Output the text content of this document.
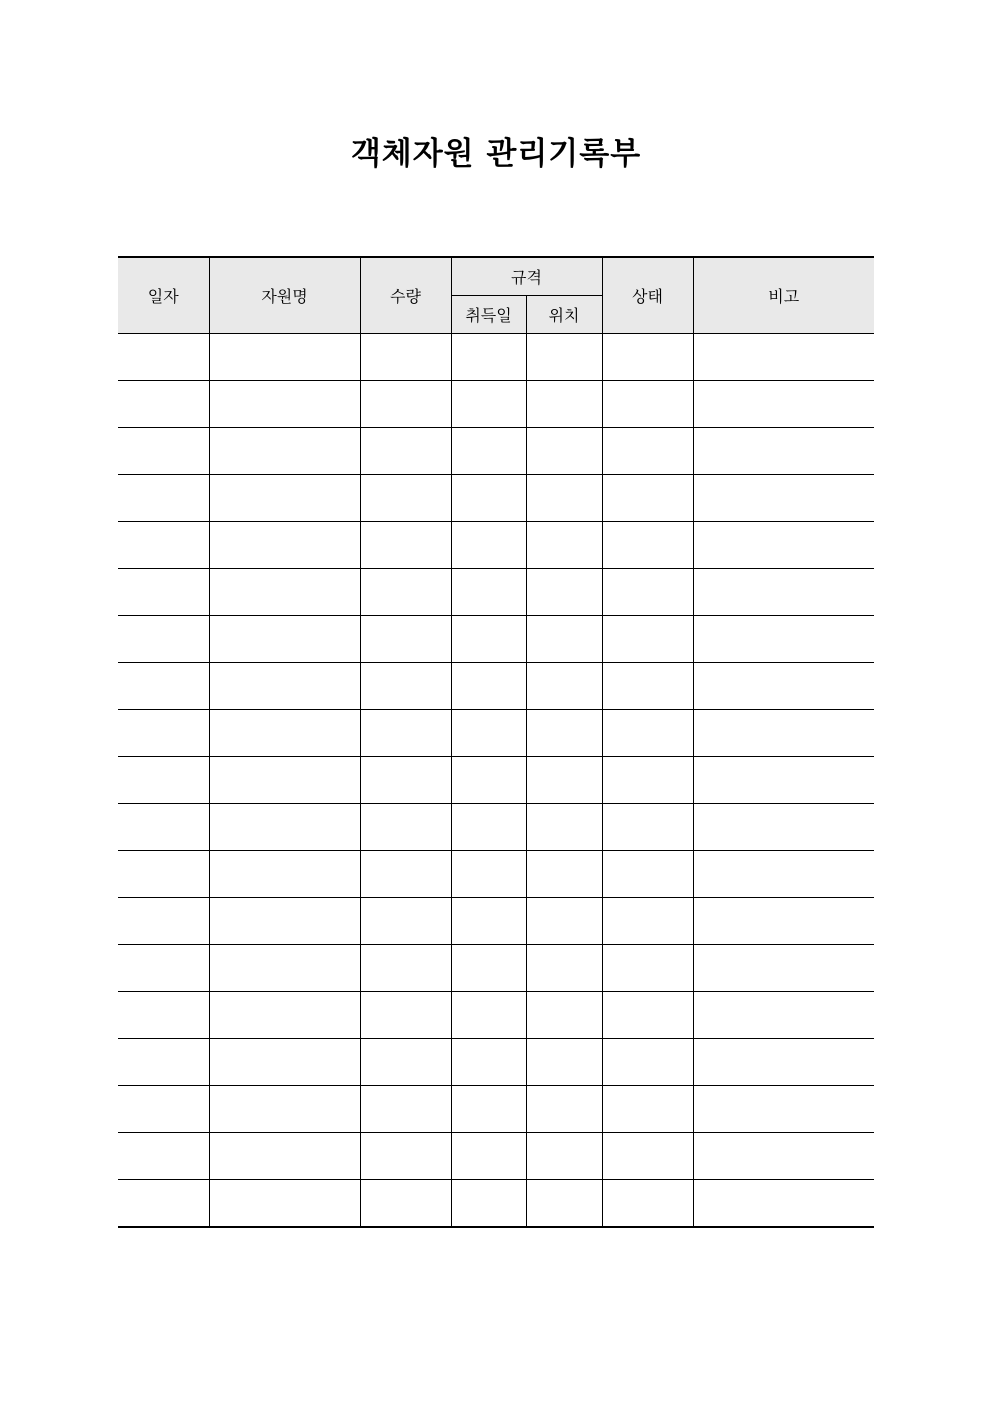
객체자원 관리기록부
일자	자원명	수량	규격		상태	비고
			취득일	위치		
